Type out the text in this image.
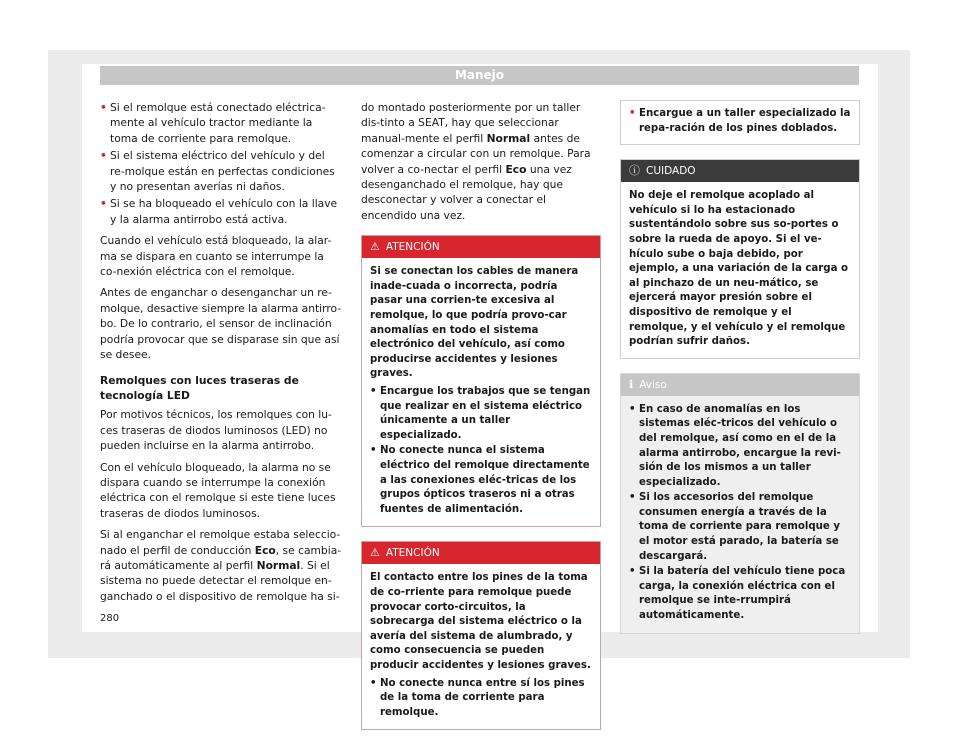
Manejo
• Si el remolque está conectado eléctrica-mente al vehículo tractor mediante la toma de corriente para remolque.
• Si el sistema eléctrico del vehículo y del re-molque están en perfectas condiciones y no presentan averías ni daños.
• Si se ha bloqueado el vehículo con la llave y la alarma antirrobo está activa.

Cuando el vehículo está bloqueado, la alar-ma se dispara en cuanto se interrumpe la co-nexión eléctrica con el remolque.

Antes de enganchar o desenganchar un re-molque, desactive siempre la alarma antirro-bo. De lo contrario, el sensor de inclinación podría provocar que se disparase sin que así se desee.

Remolques con luces traseras de tecnología LED

Por motivos técnicos, los remolques con lu-ces traseras de diodos luminosos (LED) no pueden incluirse en la alarma antirrobo.

Con el vehículo bloqueado, la alarma no se dispara cuando se interrumpe la conexión eléctrica con el remolque si este tiene luces traseras de diodos luminosos.

Si al enganchar el remolque estaba seleccio-nado el perfil de conducción Eco, se cambia-rá automáticamente al perfil Normal. Si el sistema no puede detectar el remolque en-ganchado o el dispositivo de remolque ha si-

do montado posteriormente por un taller dis-tinto a SEAT, hay que seleccionar manual-mente el perfil Normal antes de comenzar a circular con un remolque. Para volver a co-nectar el perfil Eco una vez desenganchado el remolque, hay que desconectar y volver a conectar el encendido una vez.

⚠ ATENCIÓN
Si se conectan los cables de manera inade-cuada o incorrecta, podría pasar una corrien-te excesiva al remolque, lo que podría provo-car anomalías en todo el sistema electrónico del vehículo, así como producirse accidentes y lesiones graves.
• Encargue los trabajos que se tengan que realizar en el sistema eléctrico únicamente a un taller especializado.
• No conecte nunca el sistema eléctrico del remolque directamente a las conexiones eléc-tricas de los grupos ópticos traseros ni a otras fuentes de alimentación.
⚠ ATENCIÓN
El contacto entre los pines de la toma de co-rriente para remolque puede provocar corto-circuitos, la sobrecarga del sistema eléctrico o la avería del sistema de alumbrado, y como consecuencia se pueden producir accidentes y lesiones graves.
• No conecte nunca entre sí los pines de la toma de corriente para remolque.
• Encargue a un taller especializado la repa-ración de los pines doblados.
ⓘ CUIDADO
No deje el remolque acoplado al vehículo si lo ha estacionado sustentándolo sobre sus so-portes o sobre la rueda de apoyo. Si el ve-hículo sube o baja debido, por ejemplo, a una variación de la carga o al pinchazo de un neu-mático, se ejercerá mayor presión sobre el dispositivo de remolque y el remolque, y el vehículo y el remolque podrían sufrir daños.
ℹ Aviso
• En caso de anomalías en los sistemas eléc-tricos del vehículo o del remolque, así como en el de la alarma antirrobo, encargue la revi-sión de los mismos a un taller especializado.
• Si los accesorios del remolque consumen energía a través de la toma de corriente para remolque y el motor está parado, la batería se descargará.
• Si la batería del vehículo tiene poca carga, la conexión eléctrica con el remolque se inte-rrumpirá automáticamente.
280
